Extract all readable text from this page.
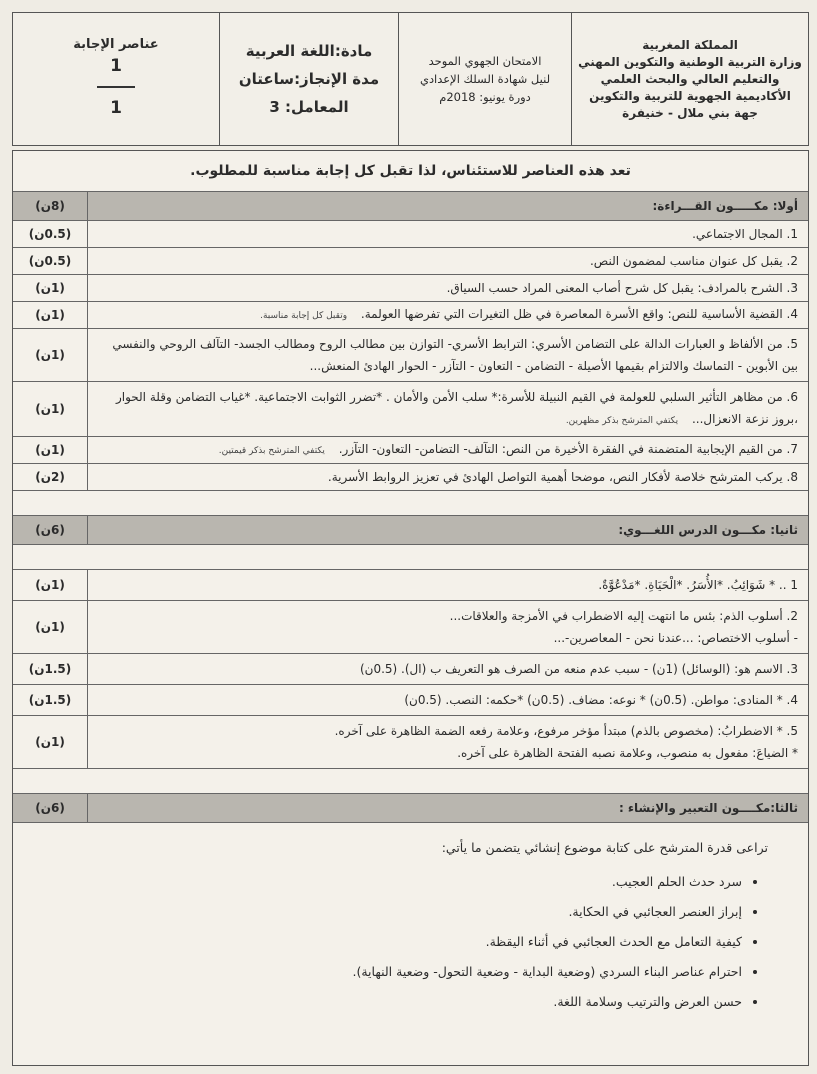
المملكة المغربية
وزارة التربية الوطنية والتكوين المهني
والتعليم العالي والبحث العلمي
الأكاديمية الجهوية للتربية والتكوين
جهة بني ملال - خنيفرة
الامتحان الجهوي الموحد
لنيل شهادة السلك الإعدادي
دورة يونيو: 2018م
مادة:اللغة العربية
مدة الإنجاز:ساعتان
المعامل: 3
عناصر الإجابة
1
1
تعد هذه العناصر للاستئناس، لذا تقبل كل إجابة مناسبة للمطلوب.
أولا: مكـــــون القـــراءة:
(8ن)
1. المجال الاجتماعي.
(0.5ن)
2. يقبل كل عنوان مناسب لمضمون النص.
(0.5ن)
3. الشرح بالمرادف: يقبل كل شرح أصاب المعنى المراد حسب السياق.
(1ن)
4. القضية الأساسية للنص: واقع الأسرة المعاصرة في ظل التغيرات التي تفرضها العولمة. وتقبل كل إجابة مناسبة.
(1ن)
5. من الألفاظ و العبارات الدالة على التضامن الأسري: الترابط الأسري- التوازن بين مطالب الروح ومطالب الجسد- التآلف الروحي والنفسي بين الأبوين - التماسك والالتزام بقيمها الأصيلة - التضامن - التعاون - التآزر - الحوار الهادئ المنعش...
(1ن)
6. من مظاهر التأثير السلبي للعولمة في القيم النبيلة للأسرة:* سلب الأمن والأمان . *تضرر الثوابت الاجتماعية. *غياب التضامن وقلة الحوار ،بروز نزعة الانعزال... يكتفي المترشح بذكر مظهرين.
(1ن)
7. من القيم الإيجابية المتضمنة في الفقرة الأخيرة من النص: التآلف- التضامن- التعاون- التآزر. يكتفي المترشح بذكر قيمتين.
(1ن)
8. يركب المترشح خلاصة لأفكار النص، موضحا أهمية التواصل الهادئ في تعزيز الروابط الأسرية.
(2ن)
ثانيا: مكـــون الدرس اللغـــوي:
(6ن)
1 .. * شَوَائِبُ. *الأُسَرُ. *الْحَيَاةِ. *مَدْعُوَّةٌ.
(1ن)
2. أسلوب الذم: بئس ما انتهت إليه الاضطراب في الأمزجة والعلاقات...
- أسلوب الاختصاص: ...عندنا نحن - المعاصرين-...
(1ن)
3. الاسم هو: (الوسائل) (1ن) - سبب عدم منعه من الصرف هو التعريف ب (ال). (0.5ن)
(1.5ن)
4. * المنادى: مواطن. (0.5ن) * نوعه: مضاف. (0.5ن) *حكمه: النصب. (0.5ن)
(1.5ن)
5. * الاضطرابُ: (مخصوص بالذم) مبتدأ مؤخر مرفوع، وعلامة رفعه الضمة الظاهرة على آخره.
* الضياعَ: مفعول به منصوب، وعلامة نصبه الفتحة الظاهرة على آخره.
(1ن)
ثالثا:مكــــون التعبير والإنشاء :
(6ن)
تراعى قدرة المترشح على كتابة موضوع إنشائي يتضمن ما يأتي:
• سرد حدث الحلم العجيب.
• إبراز العنصر العجائبي في الحكاية.
• كيفية التعامل مع الحدث العجائبي في أثناء اليقظة.
• احترام عناصر البناء السردي (وضعية البداية - وضعية التحول- وضعية النهاية).
• حسن العرض والترتيب وسلامة اللغة.
